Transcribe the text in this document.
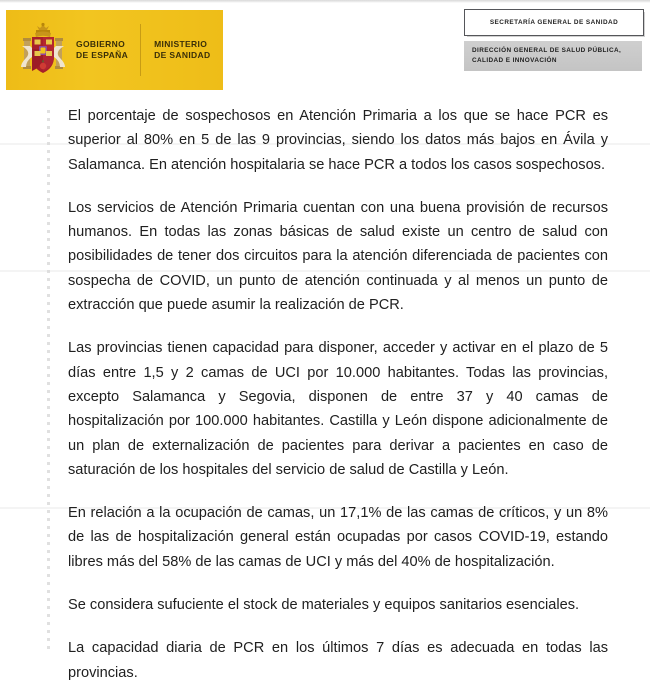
GOBIERNO
DE ESPAÑA
MINISTERIO
DE SANIDAD
SECRETARÍA GENERAL DE SANIDAD
DIRECCIÓN GENERAL DE SALUD PÚBLICA,
CALIDAD E INNOVACIÓN

El porcentaje de sospechosos en Atención Primaria a los que se hace PCR es superior al 80% en 5 de las 9 provincias, siendo los datos más bajos en Ávila y Salamanca. En atención hospitalaria se hace PCR a todos los casos sospechosos.

Los servicios de Atención Primaria cuentan con una buena provisión de recursos humanos. En todas las zonas básicas de salud existe un centro de salud con posibilidades de tener dos circuitos para la atención diferenciada de pacientes con sospecha de COVID, un punto de atención continuada y al menos un punto de extracción que puede asumir la realización de PCR.

Las provincias tienen capacidad para disponer, acceder y activar en el plazo de 5 días entre 1,5 y 2 camas de UCI por 10.000 habitantes. Todas las provincias, excepto Salamanca y Segovia, disponen de entre 37 y 40 camas de hospitalización por 100.000 habitantes. Castilla y León dispone adicionalmente de un plan de externalización de pacientes para derivar a pacientes en caso de saturación de los hospitales del servicio de salud de Castilla y León.

En relación a la ocupación de camas, un 17,1% de las camas de críticos, y un 8% de las de hospitalización general están ocupadas por casos COVID-19, estando libres más del 58% de las camas de UCI y más del 40% de hospitalización.

Se considera sufuciente el stock de materiales y equipos sanitarios esenciales.

La capacidad diaria de PCR en los últimos 7 días es adecuada en todas las provincias.
